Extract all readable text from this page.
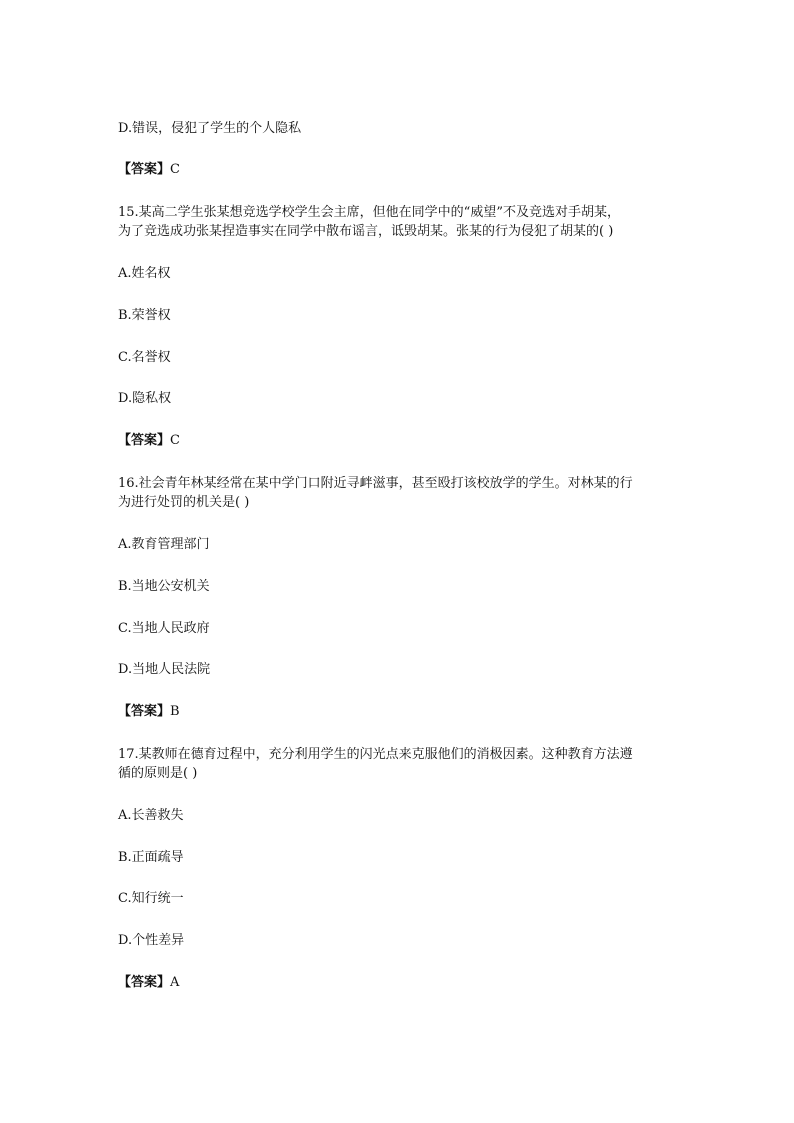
D.错误，侵犯了学生的个人隐私
【答案】C
15.某高二学生张某想竞选学校学生会主席，但他在同学中的“威望”不及竞选对手胡某，
为了竞选成功张某捏造事实在同学中散布谣言，诋毁胡某。张某的行为侵犯了胡某的( )
A.姓名权
B.荣誉权
C.名誉权
D.隐私权
【答案】C
16.社会青年林某经常在某中学门口附近寻衅滋事，甚至殴打该校放学的学生。对林某的行
为进行处罚的机关是( )
A.教育管理部门
B.当地公安机关
C.当地人民政府
D.当地人民法院
【答案】B
17.某教师在德育过程中，充分利用学生的闪光点来克服他们的消极因素。这种教育方法遵
循的原则是( )
A.长善救失
B.正面疏导
C.知行统一
D.个性差异
【答案】A
